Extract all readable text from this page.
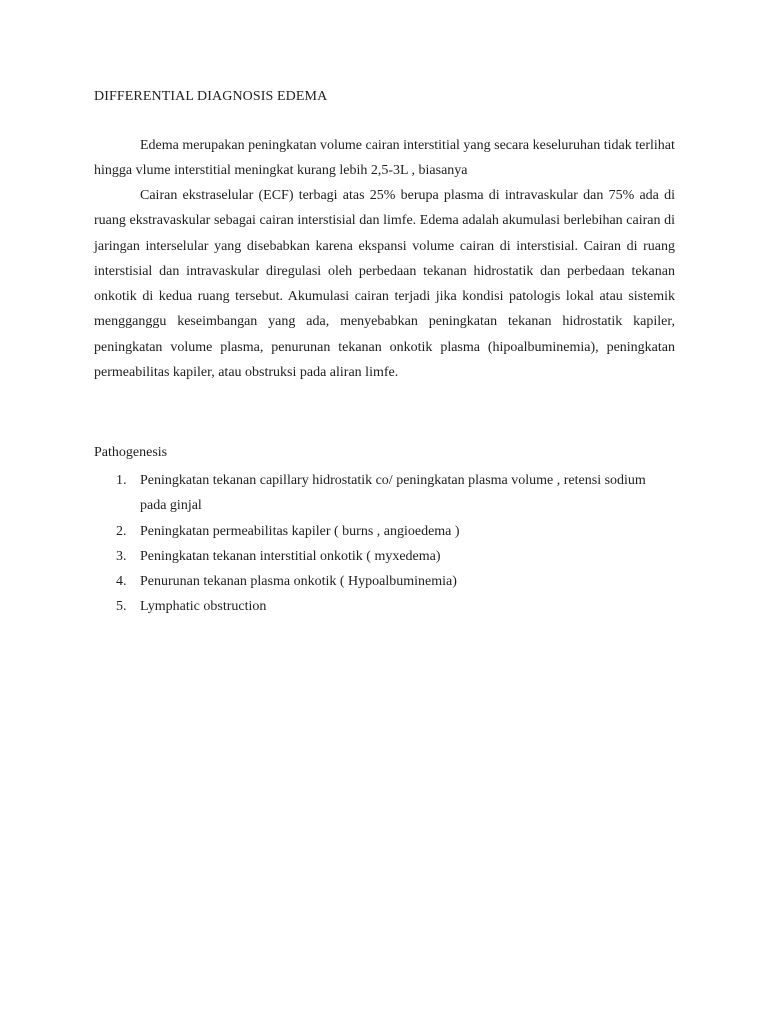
DIFFERENTIAL DIAGNOSIS EDEMA

Edema merupakan peningkatan volume cairan interstitial yang secara keseluruhan tidak terlihat hingga vlume interstitial meningkat kurang lebih 2,5-3L , biasanya

Cairan ekstraselular (ECF) terbagi atas 25% berupa plasma di intravaskular dan 75% ada di ruang ekstravaskular sebagai cairan interstisial dan limfe. Edema adalah akumulasi berlebihan cairan di jaringan interselular yang disebabkan karena ekspansi volume cairan di interstisial. Cairan di ruang interstisial dan intravaskular diregulasi oleh perbedaan tekanan hidrostatik dan perbedaan tekanan onkotik di kedua ruang tersebut. Akumulasi cairan terjadi jika kondisi patologis lokal atau sistemik mengganggu keseimbangan yang ada, menyebabkan peningkatan tekanan hidrostatik kapiler, peningkatan volume plasma, penurunan tekanan onkotik plasma (hipoalbuminemia), peningkatan permeabilitas kapiler, atau obstruksi pada aliran limfe.

Pathogenesis
1. Peningkatan tekanan capillary hidrostatik co/ peningkatan plasma volume , retensi sodium pada ginjal
2. Peningkatan permeabilitas kapiler ( burns , angioedema )
3. Peningkatan tekanan interstitial onkotik ( myxedema)
4. Penurunan tekanan plasma onkotik ( Hypoalbuminemia)
5. Lymphatic obstruction
